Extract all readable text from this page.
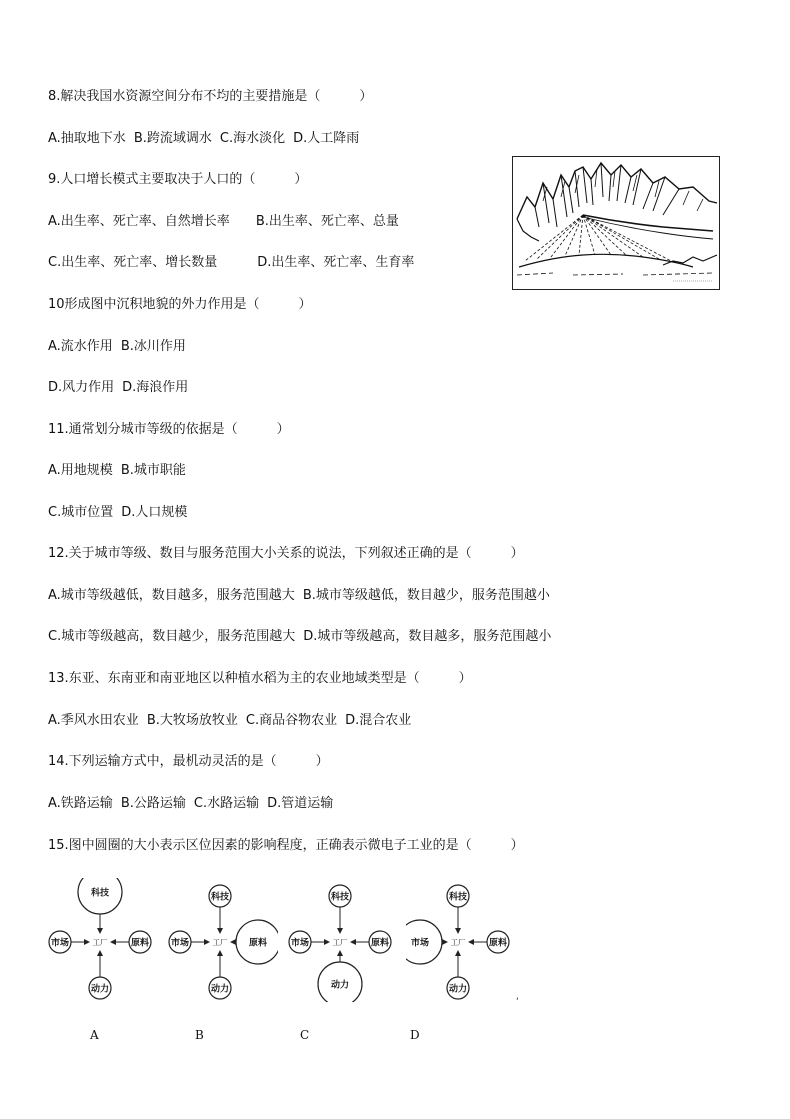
8.解决我国水资源空间分布不均的主要措施是（　　　）
A.抽取地下水 B.跨流域调水 C.海水淡化 D.人工降雨
9.人口增长模式主要取决于人口的（　　　）
A.出生率、死亡率、自然增长率 B.出生率、死亡率、总量
C.出生率、死亡率、增长数量	D.出生率、死亡率、生育率
10形成图中沉积地貌的外力作用是（　　　）
A.流水作用 B.冰川作用
D.风力作用 D.海浪作用
11.通常划分城市等级的依据是（　　　）
A.用地规模 B.城市职能
C.城市位置 D.人口规模
12.关于城市等级、数目与服务范围大小关系的说法，下列叙述正确的是（　　　）
A.城市等级越低，数目越多，服务范围越大 B.城市等级越低，数目越少，服务范围越小
C.城市等级越高，数目越少，服务范围越大 D.城市等级越高，数目越多，服务范围越小
13.东亚、东南亚和南亚地区以种植水稻为主的农业地域类型是（　　　）
A.季风水田农业 B.大牧场放牧业 C.商品谷物农业 D.混合农业
14.下列运输方式中，最机动灵活的是（　　　）
A.铁路运输 B.公路运输 C.水路运输 D.管道运输
15.图中圆圈的大小表示区位因素的影响程度，正确表示微电子工业的是（　　　）
科技
市场	原料
动力
工厂
科技
市场	原料
动力
工厂
科技
市场	原料
动力
工厂
科技
市场	原料
动力
工厂
A	B	C	D
‘
